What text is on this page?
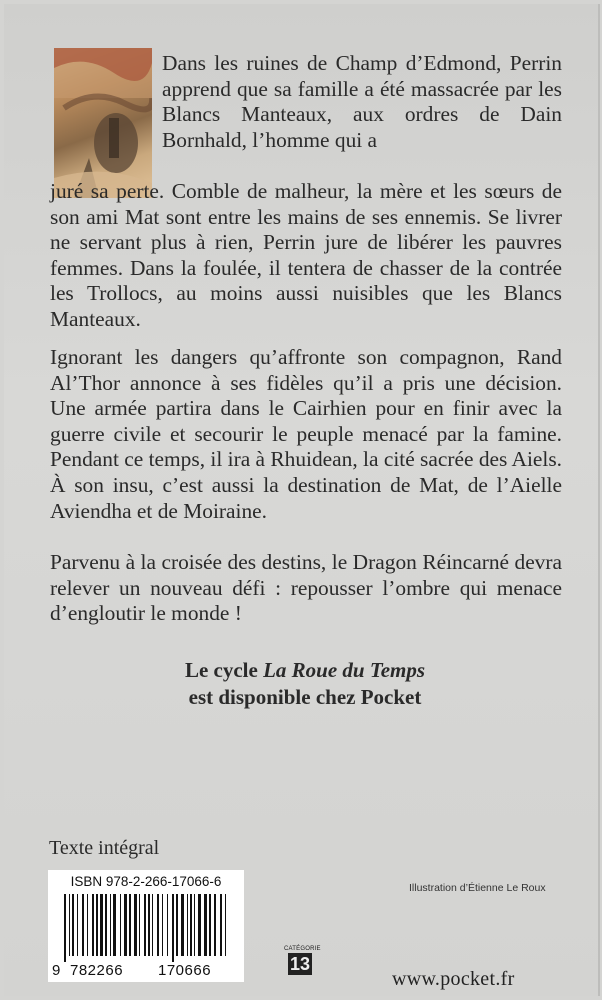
Dans les ruines de Champ d’Edmond, Perrin apprend que sa famille a été massacrée par les Blancs Manteaux, aux ordres de Dain Bornhald, l’homme qui a

juré sa perte. Comble de malheur, la mère et les sœurs de son ami Mat sont entre les mains de ses ennemis. Se livrer ne servant plus à rien, Perrin jure de libérer les pauvres femmes. Dans la foulée, il tentera de chasser de la contrée les Trollocs, au moins aussi nuisibles que les Blancs Manteaux.

Ignorant les dangers qu’affronte son compagnon, Rand Al’Thor annonce à ses fidèles qu’il a pris une décision. Une armée partira dans le Cairhien pour en finir avec la guerre civile et secourir le peuple menacé par la famine. Pendant ce temps, il ira à Rhuidean, la cité sacrée des Aiels.

À son insu, c’est aussi la destination de Mat, de l’Aielle Aviendha et de Moiraine.

Parvenu à la croisée des destins, le Dragon Réincarné devra relever un nouveau défi : repousser l’ombre qui menace d’engloutir le monde !

Le cycle La Roue du Temps
est disponible chez Pocket
Texte intégral
ISBN 978-2-266-17066-6
9 782266 170666
Illustration d’Étienne Le Roux
CATÉGORIE
13
www.pocket.fr
